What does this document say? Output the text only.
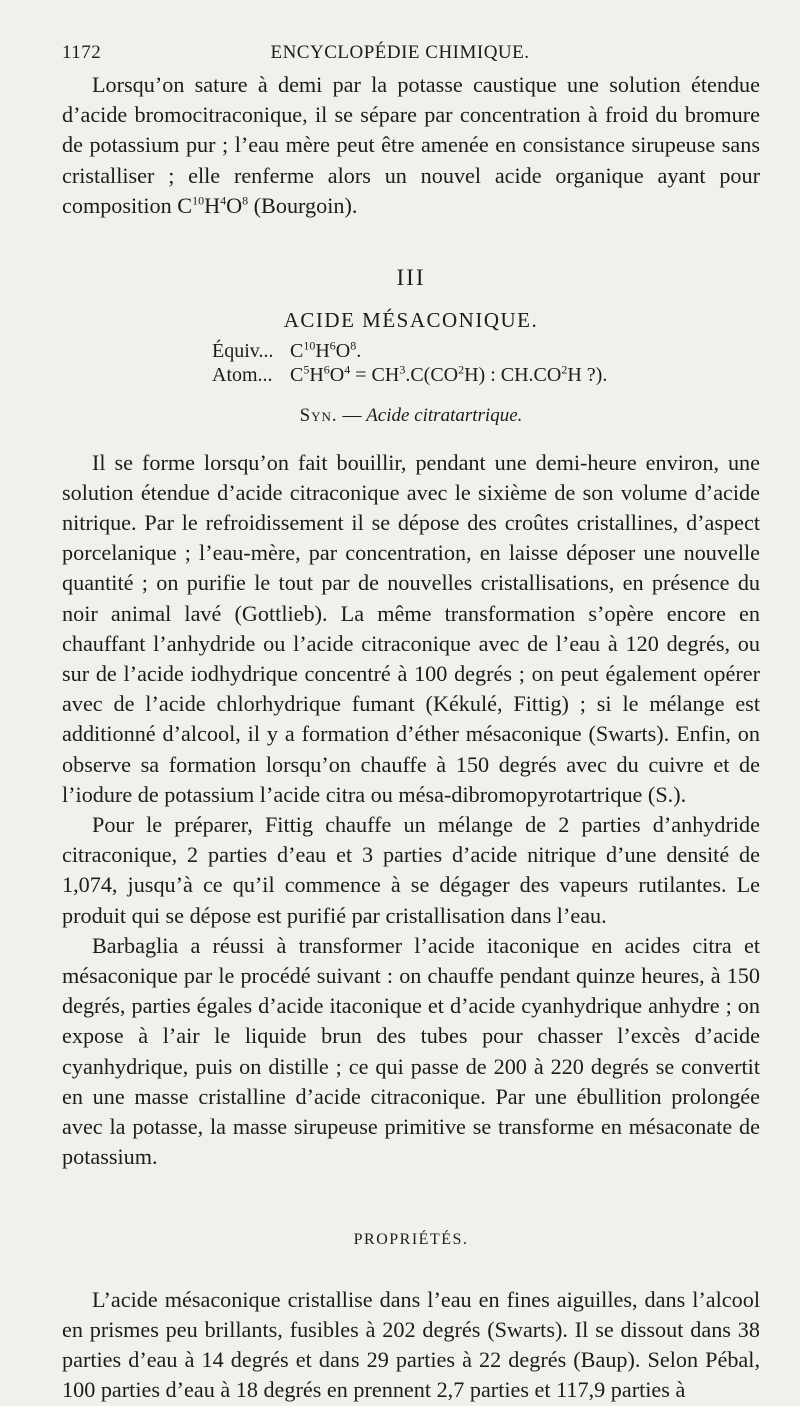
1172	ENCYCLOPÉDIE CHIMIQUE.

Lorsqu’on sature à demi par la potasse caustique une solution étendue d’acide bromocitraconique, il se sépare par concentration à froid du bromure de potassium pur ; l’eau mère peut être amenée en consistance sirupeuse sans cristalliser ; elle renferme alors un nouvel acide organique ayant pour composition $C^{10}H^4O^8$ (Bourgoin).

III
ACIDE MÉSACONIQUE.
Équiv... $C^{10}H^6O^8$.
Atom... $C^5H^6O^4 = CH^3.C(CO^2H)$ : $CH.CO^2H$ ?).
Syn. — Acide citratartrique.

Il se forme lorsqu’on fait bouillir, pendant une demi-heure environ, une solution étendue d’acide citraconique avec le sixième de son volume d’acide nitrique. Par le refroidissement il se dépose des croûtes cristallines, d’aspect porcelanique ; l’eau-mère, par concentration, en laisse déposer une nouvelle quantité ; on purifie le tout par de nouvelles cristallisations, en présence du noir animal lavé (Gottlieb). La même transformation s’opère encore en chauffant l’anhydride ou l’acide citraconique avec de l’eau à 120 degrés, ou sur de l’acide iodhydrique concentré à 100 degrés ; on peut également opérer avec de l’acide chlorhydrique fumant (Kékulé, Fittig) ; si le mélange est additionné d’alcool, il y a formation d’éther mésaconique (Swarts). Enfin, on observe sa formation lorsqu’on chauffe à 150 degrés avec du cuivre et de l’iodure de potassium l’acide citra ou mésa-dibromopyrotartrique (S.).

Pour le préparer, Fittig chauffe un mélange de 2 parties d’anhydride citraconique, 2 parties d’eau et 3 parties d’acide nitrique d’une densité de 1,074, jusqu’à ce qu’il commence à se dégager des vapeurs rutilantes. Le produit qui se dépose est purifié par cristallisation dans l’eau.

Barbaglia a réussi à transformer l’acide itaconique en acides citra et mésaconique par le procédé suivant : on chauffe pendant quinze heures, à 150 degrés, parties égales d’acide itaconique et d’acide cyanhydrique anhydre ; on expose à l’air le liquide brun des tubes pour chasser l’excès d’acide cyanhydrique, puis on distille ; ce qui passe de 200 à 220 degrés se convertit en une masse cristalline d’acide citraconique. Par une ébullition prolongée avec la potasse, la masse sirupeuse primitive se transforme en mésaconate de potassium.

PROPRIÉTÉS.

L’acide mésaconique cristallise dans l’eau en fines aiguilles, dans l’alcool en prismes peu brillants, fusibles à 202 degrés (Swarts). Il se dissout dans 38 parties d’eau à 14 degrés et dans 29 parties à 22 degrés (Baup). Selon Pébal, 100 parties d’eau à 18 degrés en prennent 2,7 parties et 117,9 parties à
